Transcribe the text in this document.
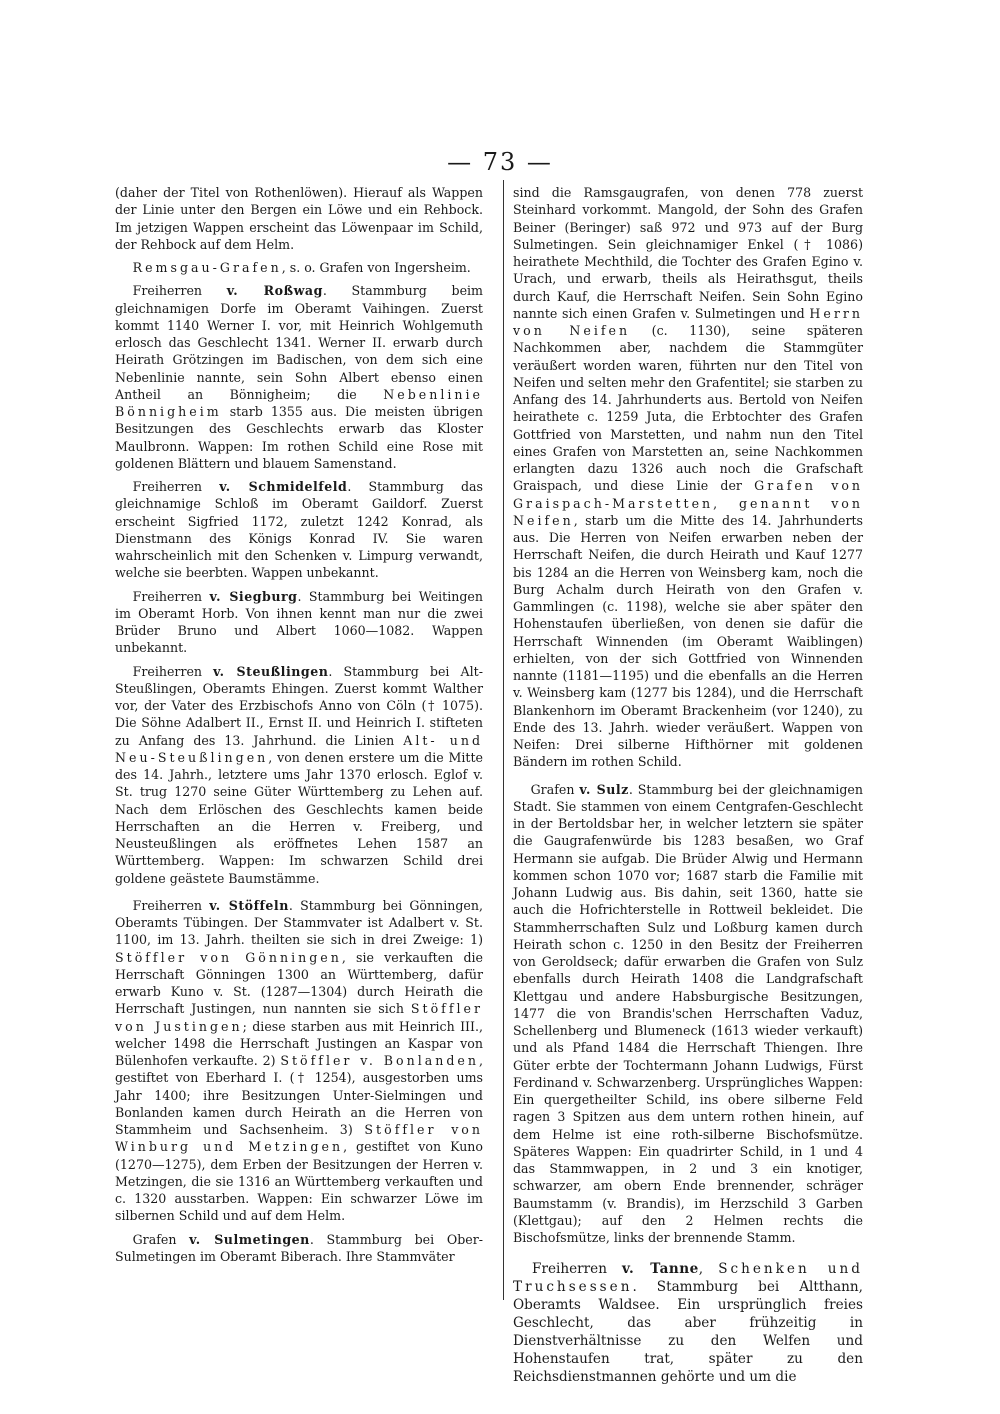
— 73 —

(daher der Titel von Rothenlöwen). Hierauf als Wappen der Linie unter den Bergen ein Löwe und ein Rehbock. Im jetzigen Wappen erscheint das Löwenpaar im Schild, der Rehbock auf dem Helm.

Remsgau-Grafen, s. o. Grafen von Ingersheim.

Freiherren v. Roßwag. Stammburg beim gleichnamigen Dorfe im Oberamt Vaihingen. Zuerst kommt 1140 Werner I. vor, mit Heinrich Wohlgemuth erlosch das Geschlecht 1341. Werner II. erwarb durch Heirath Grötzingen im Badischen, von dem sich eine Nebenlinie nannte, sein Sohn Albert ebenso einen Antheil an Bönnigheim; die Nebenlinie Bönnigheim starb 1355 aus. Die meisten übrigen Besitzungen des Geschlechts erwarb das Kloster Maulbronn. Wappen: Im rothen Schild eine Rose mit goldenen Blättern und blauem Samenstand.

Freiherren v. Schmidelfeld. Stammburg das gleichnamige Schloß im Oberamt Gaildorf. Zuerst erscheint Sigfried 1172, zuletzt 1242 Konrad, als Dienstmann des Königs Konrad IV. Sie waren wahrscheinlich mit den Schenken v. Limpurg verwandt, welche sie beerbten. Wappen unbekannt.

Freiherren v. Siegburg. Stammburg bei Weitingen im Oberamt Horb. Von ihnen kennt man nur die zwei Brüder Bruno und Albert 1060—1082. Wappen unbekannt.

Freiherren v. Steußlingen. Stammburg bei Alt-Steußlingen, Oberamts Ehingen. Zuerst kommt Walther vor, der Vater des Erzbischofs Anno von Cöln († 1075). Die Söhne Adalbert II., Ernst II. und Heinrich I. stifteten zu Anfang des 13. Jahrhund. die Linien Alt- und Neu-Steußlingen, von denen erstere um die Mitte des 14. Jahrh., letztere ums Jahr 1370 erlosch. Eglof v. St. trug 1270 seine Güter Württemberg zu Lehen auf. Nach dem Erlöschen des Geschlechts kamen beide Herrschaften an die Herren v. Freiberg, und Neusteußlingen als eröffnetes Lehen 1587 an Württemberg. Wappen: Im schwarzen Schild drei goldene geästete Baumstämme.

Freiherren v. Stöffeln. Stammburg bei Gönningen, Oberamts Tübingen. Der Stammvater ist Adalbert v. St. 1100, im 13. Jahrh. theilten sie sich in drei Zweige: 1) Stöffler von Gönningen, sie verkauften die Herrschaft Gönningen 1300 an Württemberg, dafür erwarb Kuno v. St. (1287—1304) durch Heirath die Herrschaft Justingen, nun nannten sie sich Stöffler von Justingen; diese starben aus mit Heinrich III., welcher 1498 die Herrschaft Justingen an Kaspar von Bülenhofen verkaufte. 2) Stöffler v. Bonlanden, gestiftet von Eberhard I. († 1254), ausgestorben ums Jahr 1400; ihre Besitzungen Unter-Sielmingen und Bonlanden kamen durch Heirath an die Herren von Stammheim und Sachsenheim. 3) Stöffler von Winburg und Metzingen, gestiftet von Kuno (1270—1275), dem Erben der Besitzungen der Herren v. Metzingen, die sie 1316 an Württemberg verkauften und c. 1320 ausstarben. Wappen: Ein schwarzer Löwe im silbernen Schild und auf dem Helm.

Grafen v. Sulmetingen. Stammburg bei Ober-Sulmetingen im Oberamt Biberach. Ihre Stammväter

sind die Ramsgaugrafen, von denen 778 zuerst Steinhard vorkommt. Mangold, der Sohn des Grafen Beiner (Beringer) saß 972 und 973 auf der Burg Sulmetingen. Sein gleichnamiger Enkel († 1086) heirathete Mechthild, die Tochter des Grafen Egino v. Urach, und erwarb, theils als Heirathsgut, theils durch Kauf, die Herrschaft Neifen. Sein Sohn Egino nannte sich einen Grafen v. Sulmetingen und Herrn von Neifen (c. 1130), seine späteren Nachkommen aber, nachdem die Stammgüter veräußert worden waren, führten nur den Titel von Neifen und selten mehr den Grafentitel; sie starben zu Anfang des 14. Jahrhunderts aus. Bertold von Neifen heirathete c. 1259 Juta, die Erbtochter des Grafen Gottfried von Marstetten, und nahm nun den Titel eines Grafen von Marstetten an, seine Nachkommen erlangten dazu 1326 auch noch die Grafschaft Graispach, und diese Linie der Grafen von Graispach-Marstetten, genannt von Neifen, starb um die Mitte des 14. Jahrhunderts aus. Die Herren von Neifen erwarben neben der Herrschaft Neifen, die durch Heirath und Kauf 1277 bis 1284 an die Herren von Weinsberg kam, noch die Burg Achalm durch Heirath von den Grafen v. Gammlingen (c. 1198), welche sie aber später den Hohenstaufen überließen, von denen sie dafür die Herrschaft Winnenden (im Oberamt Waiblingen) erhielten, von der sich Gottfried von Winnenden nannte (1181—1195) und die ebenfalls an die Herren v. Weinsberg kam (1277 bis 1284), und die Herrschaft Blankenhorn im Oberamt Brackenheim (vor 1240), zu Ende des 13. Jahrh. wieder veräußert. Wappen von Neifen: Drei silberne Hifthörner mit goldenen Bändern im rothen Schild.

Grafen v. Sulz. Stammburg bei der gleichnamigen Stadt. Sie stammen von einem Centgrafen-Geschlecht in der Bertoldsbar her, in welcher letztern sie später die Gaugrafenwürde bis 1283 besaßen, wo Graf Hermann sie aufgab. Die Brüder Alwig und Hermann kommen schon 1070 vor; 1687 starb die Familie mit Johann Ludwig aus. Bis dahin, seit 1360, hatte sie auch die Hofrichterstelle in Rottweil bekleidet. Die Stammherrschaften Sulz und Loßburg kamen durch Heirath schon c. 1250 in den Besitz der Freiherren von Geroldseck; dafür erwarben die Grafen von Sulz ebenfalls durch Heirath 1408 die Landgrafschaft Klettgau und andere Habsburgische Besitzungen, 1477 die von Brandis'schen Herrschaften Vaduz, Schellenberg und Blumeneck (1613 wieder verkauft) und als Pfand 1484 die Herrschaft Thiengen. Ihre Güter erbte der Tochtermann Johann Ludwigs, Fürst Ferdinand v. Schwarzenberg. Ursprüngliches Wappen: Ein quergetheilter Schild, ins obere silberne Feld ragen 3 Spitzen aus dem untern rothen hinein, auf dem Helme ist eine roth-silberne Bischofsmütze. Späteres Wappen: Ein quadrirter Schild, in 1 und 4 das Stammwappen, in 2 und 3 ein knotiger, schwarzer, am obern Ende brennender, schräger Baumstamm (v. Brandis), im Herzschild 3 Garben (Klettgau); auf den 2 Helmen rechts die Bischofsmütze, links der brennende Stamm.

Freiherren v. Tanne, Schenken und Truchsessen. Stammburg bei Altthann, Oberamts Waldsee. Ein ursprünglich freies Geschlecht, das aber frühzeitig in Dienstverhältnisse zu den Welfen und Hohenstaufen trat, später zu den Reichsdienstmannen gehörte und um die
